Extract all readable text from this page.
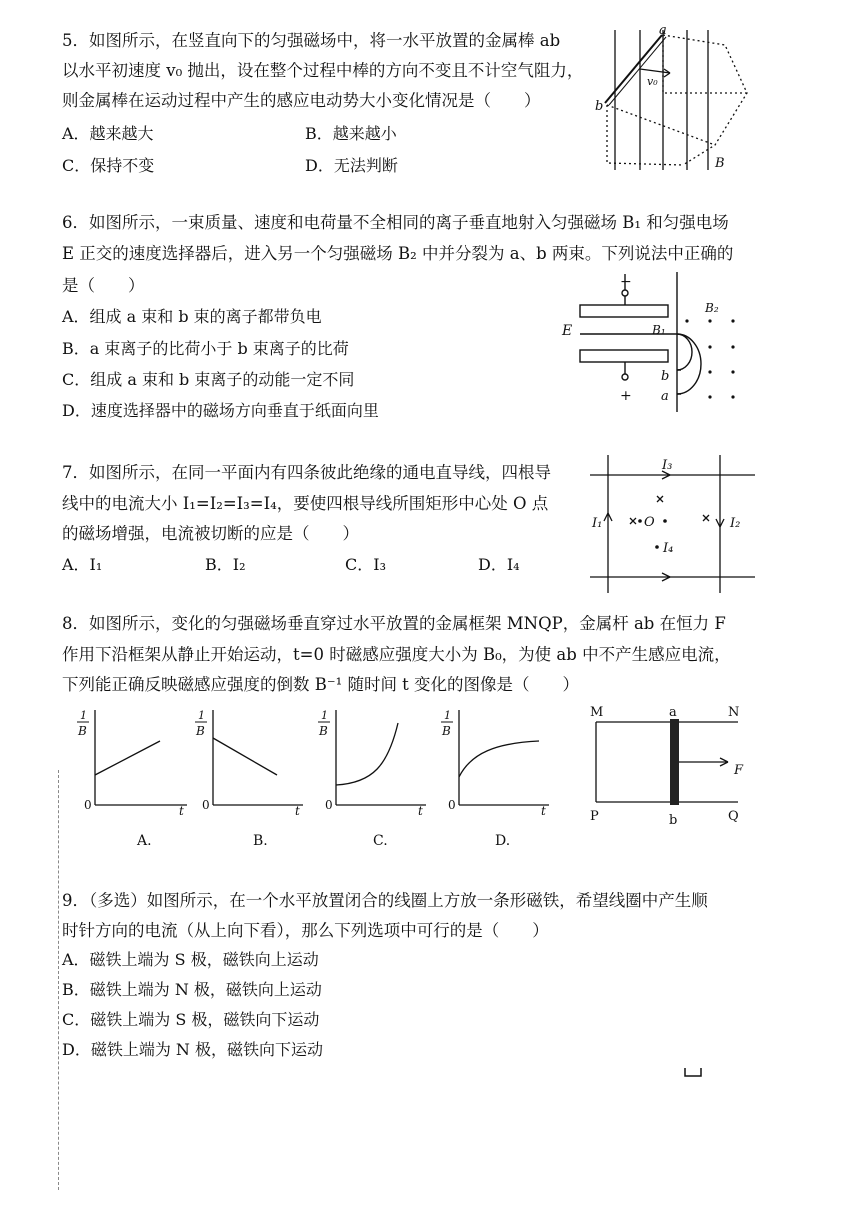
5．如图所示，在竖直向下的匀强磁场中，将一水平放置的金属棒 ab
以水平初速度 v₀ 抛出，设在整个过程中棒的方向不变且不计空气阻力，
则金属棒在运动过程中产生的感应电动势大小变化情况是（　　）
A．越来越大	B．越来越小
C．保持不变	D．无法判断
a
b
v₀
B
6．如图所示，一束质量、速度和电荷量不全相同的离子垂直地射入匀强磁场 B₁ 和匀强电场
E 正交的速度选择器后，进入另一个匀强磁场 B₂ 中并分裂为 a、b 两束。下列说法中正确的
是（　　）
A．组成 a 束和 b 束的离子都带负电
B．a 束离子的比荷小于 b 束离子的比荷
C．组成 a 束和 b 束离子的动能一定不同
D．速度选择器中的磁场方向垂直于纸面向里
−
+
E	B₁
B₂
b
a
7．如图所示，在同一平面内有四条彼此绝缘的通电直导线，四根导
线中的电流大小 I₁=I₂=I₃=I₄，要使四根导线所围矩形中心处 O 点
的磁场增强，电流被切断的应是（　　）
A．I₁	B．I₂	C．I₃	D．I₄
I₃
I₁	I₂
I₄
O
8．如图所示，变化的匀强磁场垂直穿过水平放置的金属框架 MNQP，金属杆 ab 在恒力 F
作用下沿框架从静止开始运动，t=0 时磁感应强度大小为 B₀，为使 ab 中不产生感应电流，
下列能正确反映磁感应强度的倒数 B⁻¹ 随时间 t 变化的图像是（　　）
1
B
0	t
A.
1
B
0	t
B.
1
B
0	t
C.
1
B
0	t
D.
M	N
P	Q
a
b
F
9．（多选）如图所示，在一个水平放置闭合的线圈上方放一条形磁铁，希望线圈中产生顺
时针方向的电流（从上向下看），那么下列选项中可行的是（　　）
A．磁铁上端为 S 极，磁铁向上运动
B．磁铁上端为 N 极，磁铁向上运动
C．磁铁上端为 S 极，磁铁向下运动
D．磁铁上端为 N 极，磁铁向下运动
